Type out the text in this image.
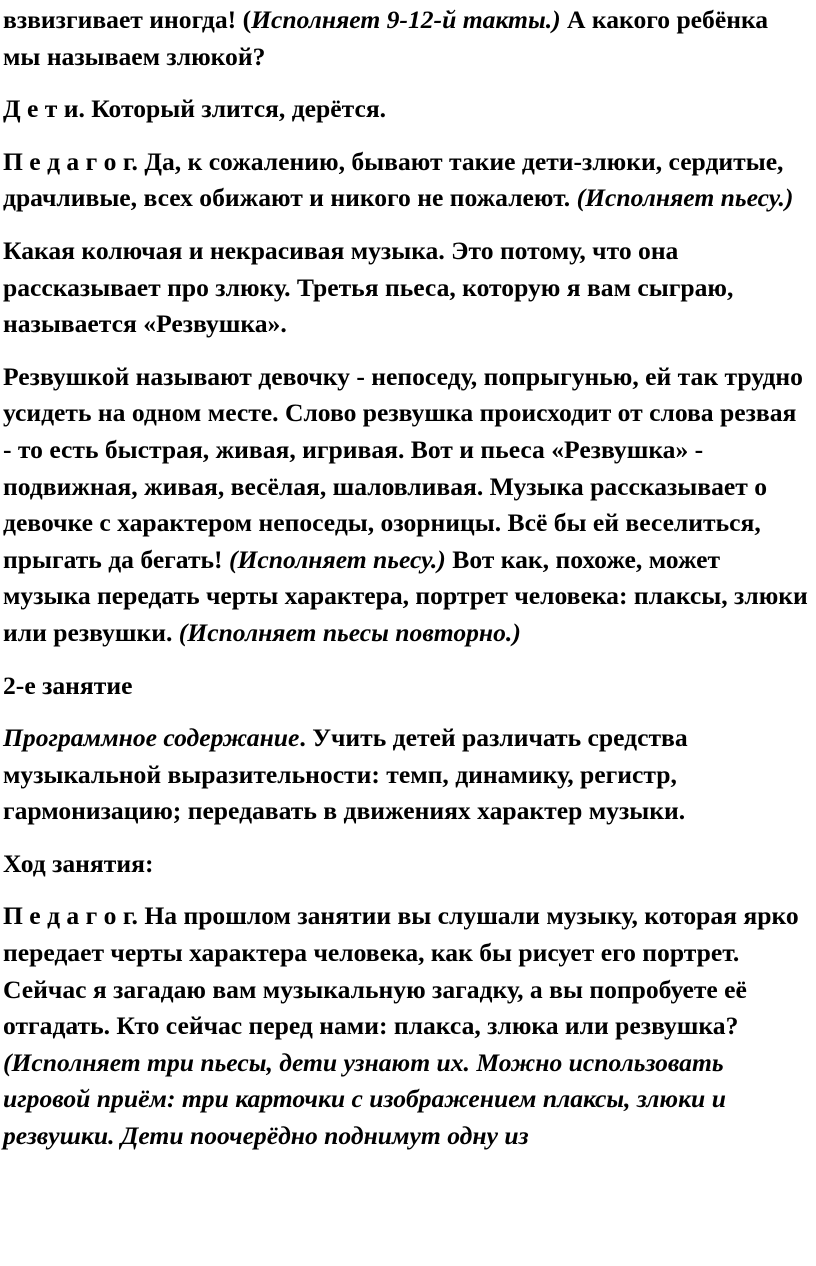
взвизгивает иногда! (Исполняет 9-12-й такты.) А какого ребёнка мы называем злюкой?

Д е т и. Который злится, дерётся.

П е д а г о г. Да, к сожалению, бывают такие дети-злюки, сердитые, драчливые, всех обижают и никого не пожалеют. (Исполняет пьесу.)

Какая колючая и некрасивая музыка. Это потому, что она рассказывает про злюку. Третья пьеса, которую я вам сыграю, называется «Резвушка».

Резвушкой называют девочку - непоседу, попрыгунью, ей так трудно усидеть на одном месте. Слово резвушка происходит от слова резвая - то есть быстрая, живая, игривая. Вот и пьеса «Резвушка» - подвижная, живая, весёлая, шаловливая. Музыка рассказывает о девочке с характером непоседы, озорницы. Всё бы ей веселиться, прыгать да бегать! (Исполняет пьесу.) Вот как, похоже, может музыка передать черты характера, портрет человека: плаксы, злюки или резвушки. (Исполняет пьесы повторно.)

2-е занятие

Программное содержание. Учить детей различать средства музыкальной выразительности: темп, динамику, регистр, гармонизацию; передавать в движениях характер музыки.

Ход занятия:

П е д а г о г. На прошлом занятии вы слушали музыку, которая ярко передает черты характера человека, как бы рисует его портрет. Сейчас я загадаю вам музыкальную загадку, а вы попробуете её отгадать. Кто сейчас перед нами: плакса, злюка или резвушка? (Исполняет три пьесы, дети узнают их. Можно использовать игровой приём: три карточки с изображением плаксы, злюки и резвушки. Дети поочерёдно поднимут одну из
